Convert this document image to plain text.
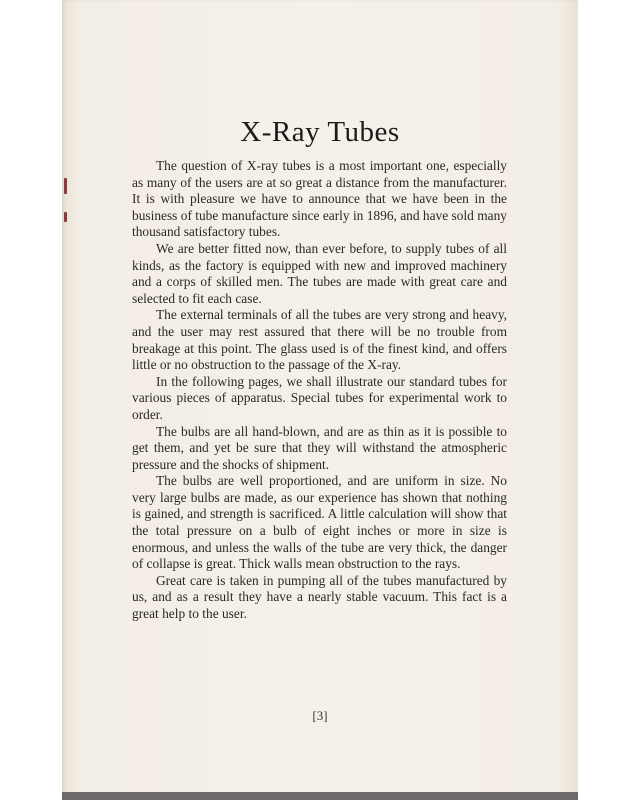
X-Ray Tubes

The question of X-ray tubes is a most important one, especially as many of the users are at so great a distance from the manufacturer. It is with pleasure we have to announce that we have been in the business of tube manufacture since early in 1896, and have sold many thousand satisfactory tubes.

We are better fitted now, than ever before, to supply tubes of all kinds, as the factory is equipped with new and improved machinery and a corps of skilled men. The tubes are made with great care and selected to fit each case.

The external terminals of all the tubes are very strong and heavy, and the user may rest assured that there will be no trouble from breakage at this point. The glass used is of the finest kind, and offers little or no obstruction to the passage of the X-ray.

In the following pages, we shall illustrate our standard tubes for various pieces of apparatus. Special tubes for experimental work to order.

The bulbs are all hand-blown, and are as thin as it is possible to get them, and yet be sure that they will withstand the atmospheric pressure and the shocks of shipment.

The bulbs are well proportioned, and are uniform in size. No very large bulbs are made, as our experience has shown that nothing is gained, and strength is sacrificed. A little calculation will show that the total pressure on a bulb of eight inches or more in size is enormous, and unless the walls of the tube are very thick, the danger of collapse is great. Thick walls mean obstruction to the rays.

Great care is taken in pumping all of the tubes manufactured by us, and as a result they have a nearly stable vacuum. This fact is a great help to the user.

[3]
